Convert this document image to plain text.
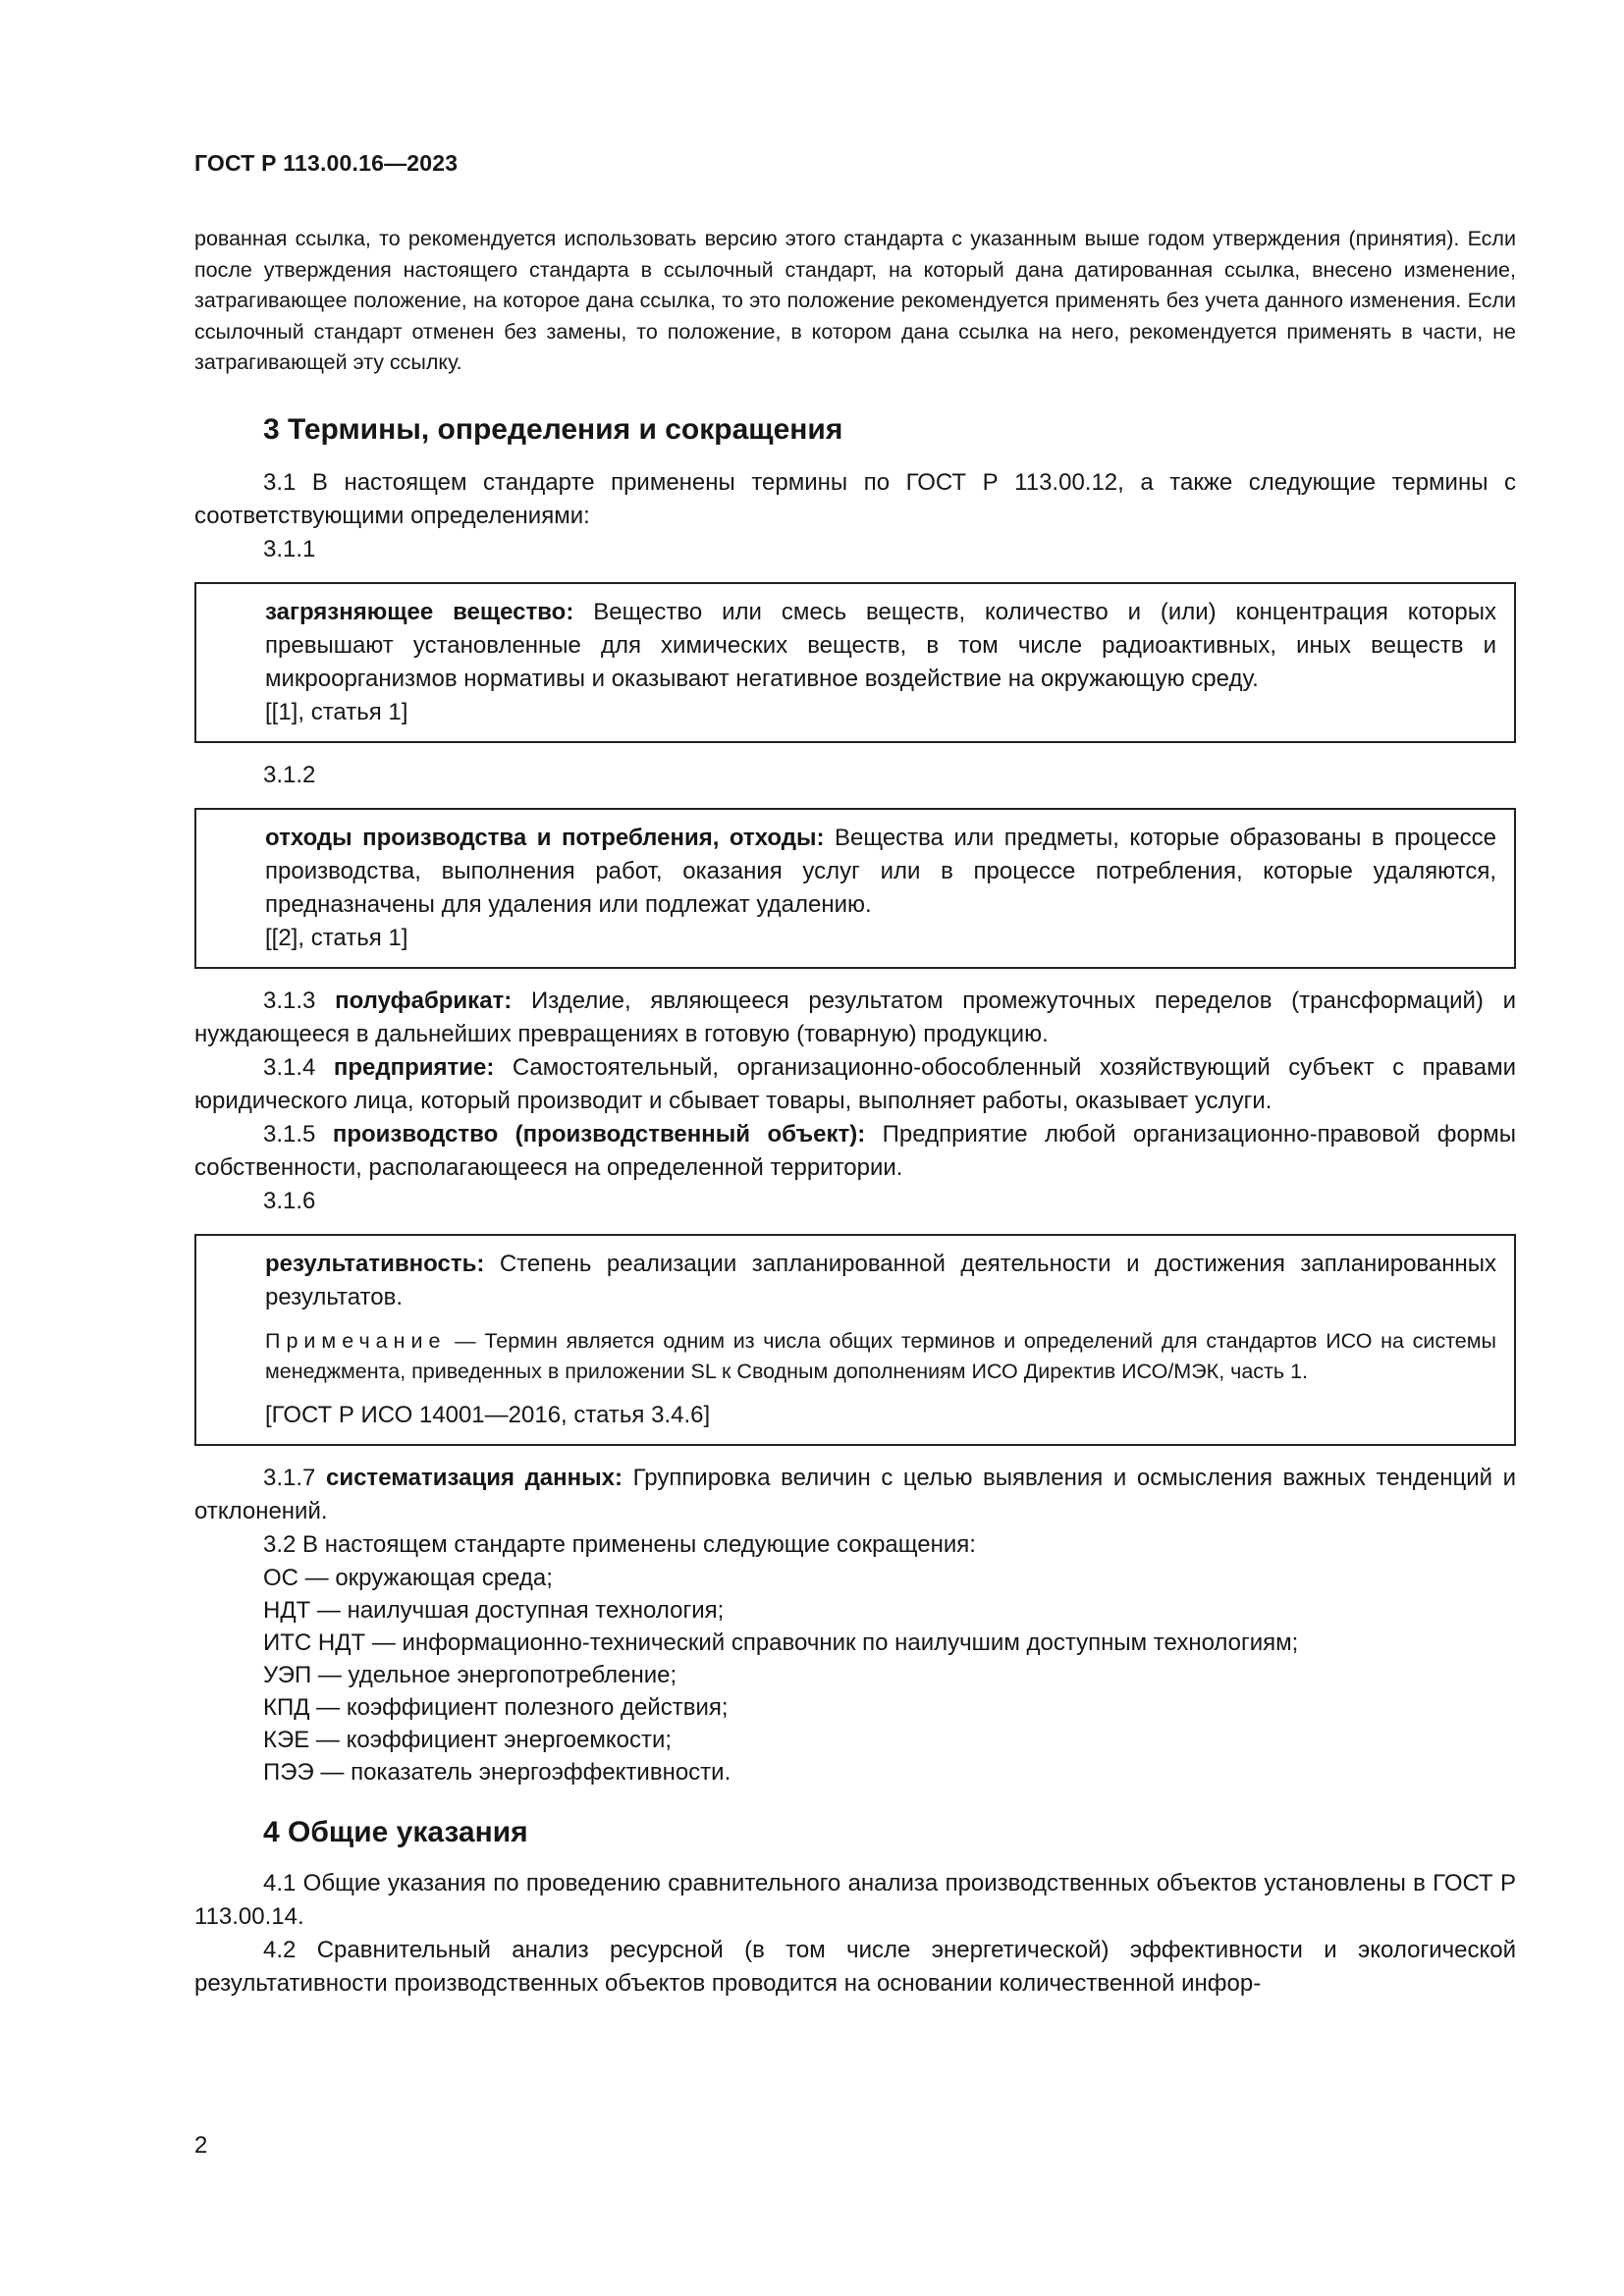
ГОСТ Р 113.00.16—2023

рованная ссылка, то рекомендуется использовать версию этого стандарта с указанным выше годом утверждения (принятия). Если после утверждения настоящего стандарта в ссылочный стандарт, на который дана датированная ссылка, внесено изменение, затрагивающее положение, на которое дана ссылка, то это положение рекомендуется применять без учета данного изменения. Если ссылочный стандарт отменен без замены, то положение, в котором дана ссылка на него, рекомендуется применять в части, не затрагивающей эту ссылку.

3 Термины, определения и сокращения

3.1 В настоящем стандарте применены термины по ГОСТ Р 113.00.12, а также следующие термины с соответствующими определениями:

3.1.1

загрязняющее вещество: Вещество или смесь веществ, количество и (или) концентрация которых превышают установленные для химических веществ, в том числе радиоактивных, иных веществ и микроорганизмов нормативы и оказывают негативное воздействие на окружающую среду.

[[1], статья 1]

3.1.2

отходы производства и потребления, отходы: Вещества или предметы, которые образованы в процессе производства, выполнения работ, оказания услуг или в процессе потребления, которые удаляются, предназначены для удаления или подлежат удалению.

[[2], статья 1]

3.1.3 полуфабрикат: Изделие, являющееся результатом промежуточных переделов (трансформаций) и нуждающееся в дальнейших превращениях в готовую (товарную) продукцию.

3.1.4 предприятие: Самостоятельный, организационно-обособленный хозяйствующий субъект с правами юридического лица, который производит и сбывает товары, выполняет работы, оказывает услуги.

3.1.5 производство (производственный объект): Предприятие любой организационно-правовой формы собственности, располагающееся на определенной территории.

3.1.6

результативность: Степень реализации запланированной деятельности и достижения запланированных результатов.

Примечание — Термин является одним из числа общих терминов и определений для стандартов ИСО на системы менеджмента, приведенных в приложении SL к Сводным дополнениям ИСО Директив ИСО/МЭК, часть 1.

[ГОСТ Р ИСО 14001—2016, статья 3.4.6]

3.1.7 систематизация данных: Группировка величин с целью выявления и осмысления важных тенденций и отклонений.

3.2 В настоящем стандарте применены следующие сокращения:

ОС — окружающая среда;

НДТ — наилучшая доступная технология;

ИТС НДТ — информационно-технический справочник по наилучшим доступным технологиям;

УЭП — удельное энергопотребление;

КПД — коэффициент полезного действия;

КЭЕ — коэффициент энергоемкости;

ПЭЭ — показатель энергоэффективности.

4 Общие указания

4.1 Общие указания по проведению сравнительного анализа производственных объектов установлены в ГОСТ Р 113.00.14.

4.2 Сравнительный анализ ресурсной (в том числе энергетической) эффективности и экологической результативности производственных объектов проводится на основании количественной инфор-

2
